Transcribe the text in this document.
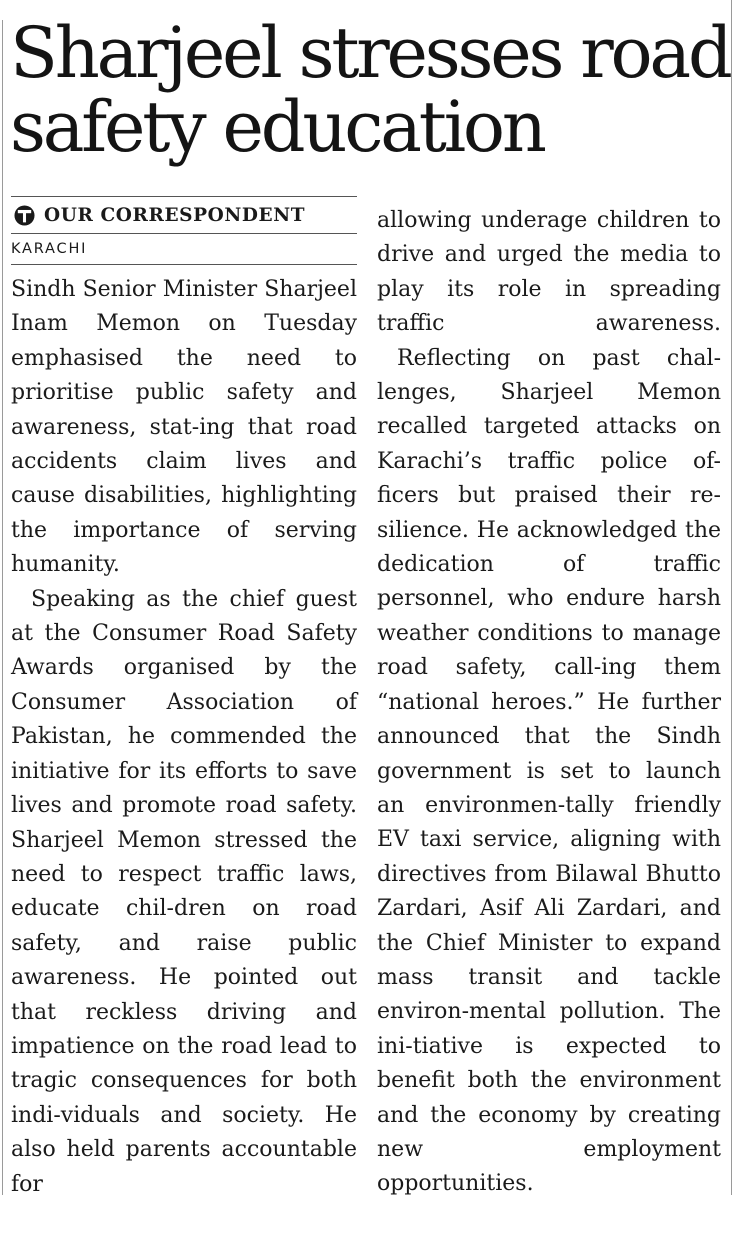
Sharjeel stresses road safety education
OUR CORRESPONDENT
KARACHI

Sindh Senior Minister Sharjeel Inam Memon on Tuesday emphasised the need to prioritise public safety and awareness, stat-ing that road accidents claim lives and cause disabilities, highlighting the importance of serving humanity.

Speaking as the chief guest at the Consumer Road Safety Awards organised by the Consumer Association of Pakistan, he commended the initiative for its efforts to save lives and promote road safety. Sharjeel Memon stressed the need to respect traffic laws, educate chil-dren on road safety, and raise public awareness. He pointed out that reckless driving and impatience on the road lead to tragic consequences for both indi-viduals and society. He also held parents accountable for

allowing underage children to drive and urged the media to play its role in spreading traffic awareness.

Reflecting on past chal-lenges, Sharjeel Memon recalled targeted attacks on Karachi’s traffic police of-ficers but praised their re-silience. He acknowledged the dedication of traffic personnel, who endure harsh weather conditions to manage road safety, call-ing them “national heroes.” He further announced that the Sindh government is set to launch an environmen-tally friendly EV taxi service, aligning with directives from Bilawal Bhutto Zardari, Asif Ali Zardari, and the Chief Minister to expand mass transit and tackle environ-mental pollution. The ini-tiative is expected to benefit both the environment and the economy by creating new	employment opportunities.
